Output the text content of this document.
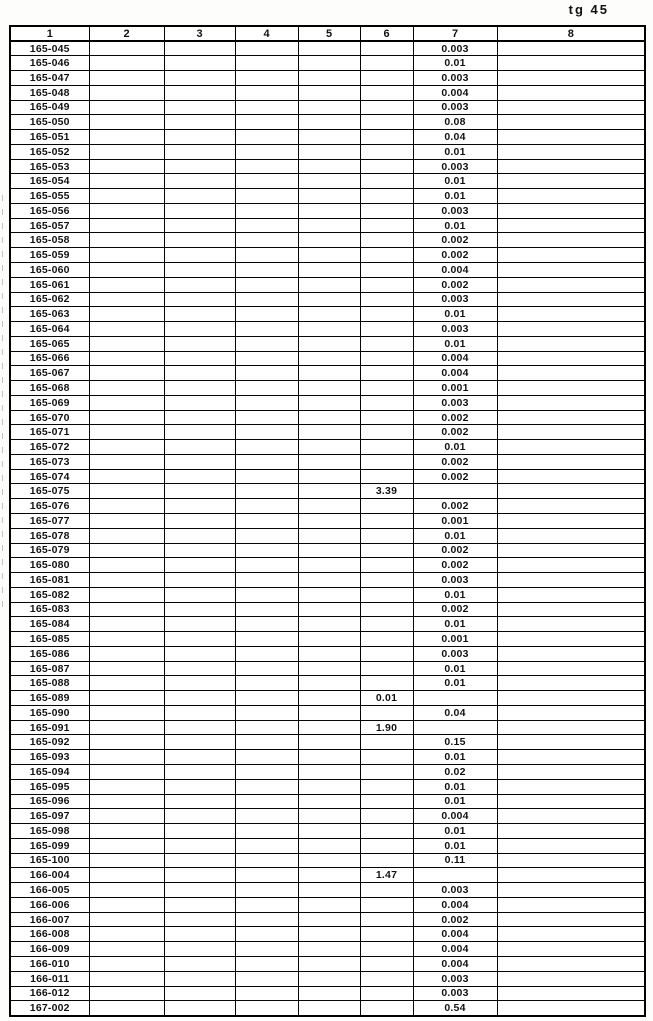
tg 45
1	2	3	4	5	6	7	8
165-045						0.003	
165-046						0.01	
165-047						0.003	
165-048						0.004	
165-049						0.003	
165-050						0.08	
165-051						0.04	
165-052						0.01	
165-053						0.003	
165-054						0.01	
165-055						0.01	
165-056						0.003	
165-057						0.01	
165-058						0.002	
165-059						0.002	
165-060						0.004	
165-061						0.002	
165-062						0.003	
165-063						0.01	
165-064						0.003	
165-065						0.01	
165-066						0.004	
165-067						0.004	
165-068						0.001	
165-069						0.003	
165-070						0.002	
165-071						0.002	
165-072						0.01	
165-073						0.002	
165-074						0.002	
165-075					3.39		
165-076						0.002	
165-077						0.001	
165-078						0.01	
165-079						0.002	
165-080						0.002	
165-081						0.003	
165-082						0.01	
165-083						0.002	
165-084						0.01	
165-085						0.001	
165-086						0.003	
165-087						0.01	
165-088						0.01	
165-089					0.01		
165-090						0.04	
165-091					1.90		
165-092						0.15	
165-093						0.01	
165-094						0.02	
165-095						0.01	
165-096						0.01	
165-097						0.004	
165-098						0.01	
165-099						0.01	
165-100						0.11	
166-004					1.47		
166-005						0.003	
166-006						0.004	
166-007						0.002	
166-008						0.004	
166-009						0.004	
166-010						0.004	
166-011						0.003	
166-012						0.003	
167-002						0.54	
